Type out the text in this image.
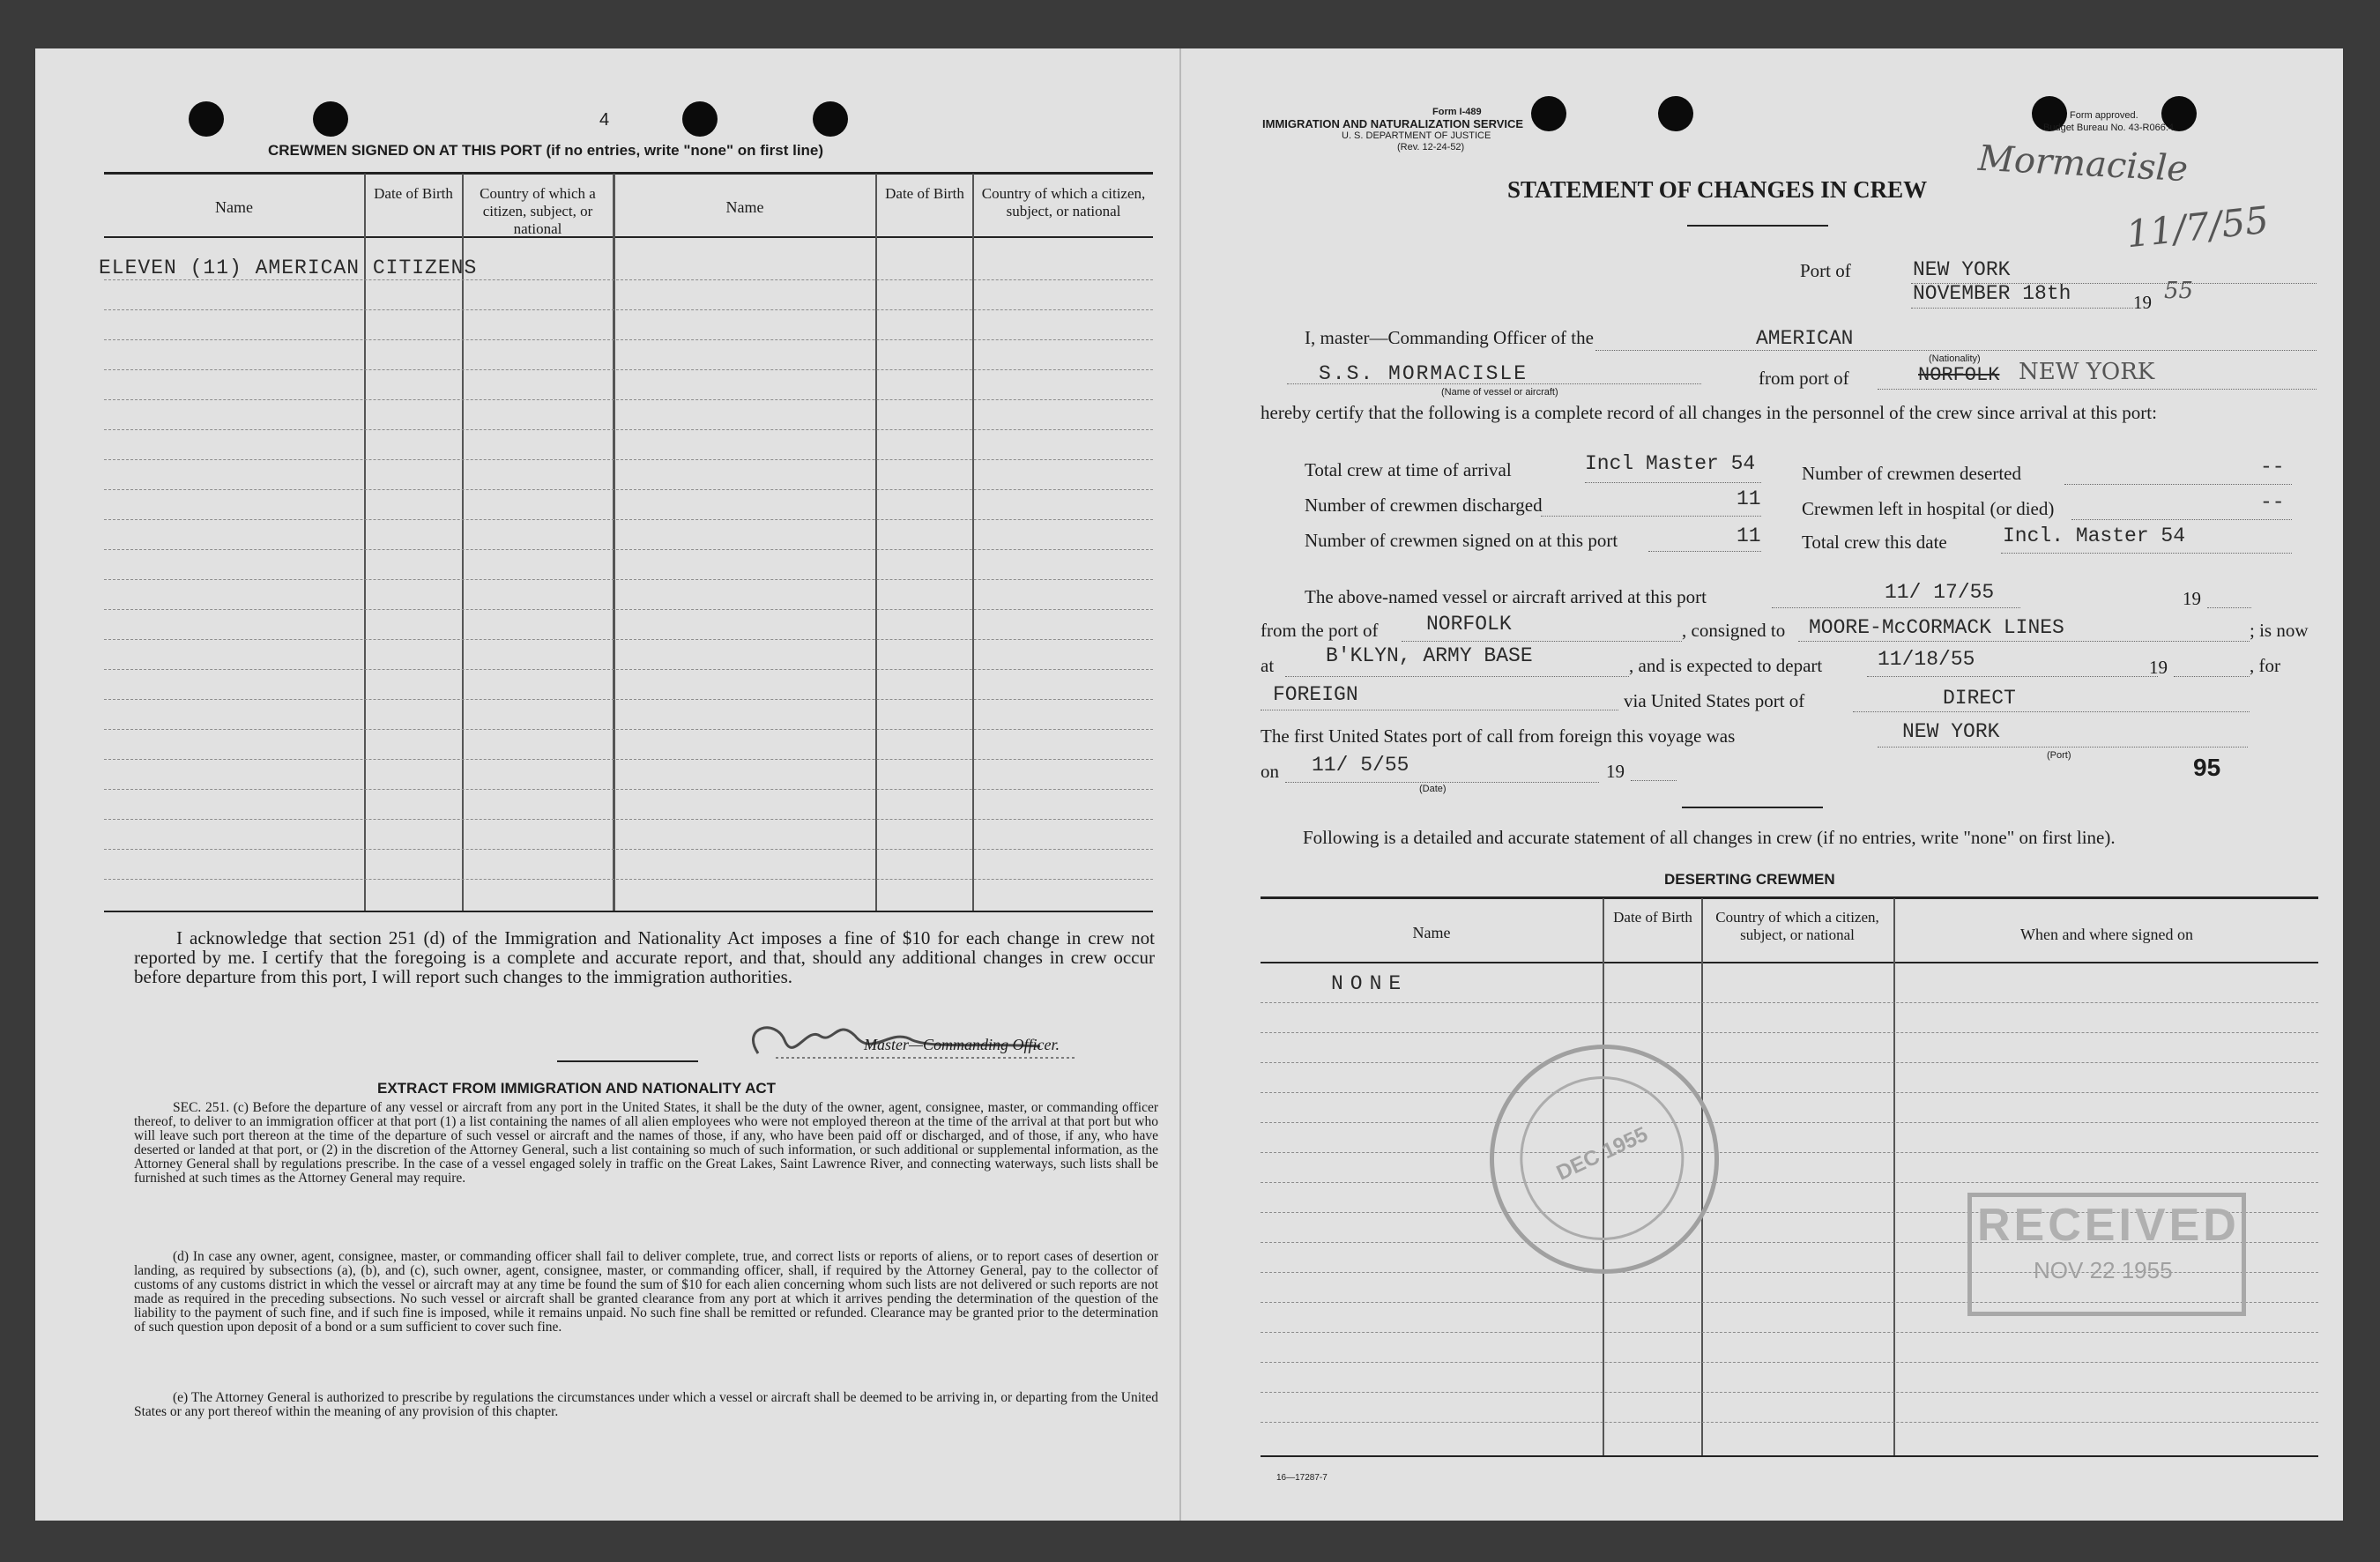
4
CREWMEN SIGNED ON AT THIS PORT (if no entries, write "none" on first line)
Name
Date of Birth	Country of which a citizen, subject, or national
Name
Date of Birth	Country of which a citizen, subject, or national
ELEVEN (11) AMERICAN CITIZENS
I acknowledge that section 251 (d) of the Immigration and Nationality Act imposes a fine of $10 for each change in crew not reported by me. I certify that the foregoing is a complete and accurate report, and that, should any additional changes in crew occur before departure from this port, I will report such changes to the immigration authorities.
Master—Commanding Officer.
EXTRACT FROM IMMIGRATION AND NATIONALITY ACT
SEC. 251. (c) Before the departure of any vessel or aircraft from any port in the United States, it shall be the duty of the owner, agent, consignee, master, or commanding officer thereof, to deliver to an immigration officer at that port (1) a list containing the names of all alien employees who were not employed thereon at the time of the arrival at that port but who will leave such port thereon at the time of the departure of such vessel or aircraft and the names of those, if any, who have been paid off or discharged, and of those, if any, who have deserted or landed at that port, or (2) in the discretion of the Attorney General, such a list containing so much of such information, or such additional or supplemental information, as the Attorney General shall by regulations prescribe. In the case of a vessel engaged solely in traffic on the Great Lakes, Saint Lawrence River, and connecting waterways, such lists shall be furnished at such times as the Attorney General may require.
(d) In case any owner, agent, consignee, master, or commanding officer shall fail to deliver complete, true, and correct lists or reports of aliens, or to report cases of desertion or landing, as required by subsections (a), (b), and (c), such owner, agent, consignee, master, or commanding officer, shall, if required by the Attorney General, pay to the collector of customs of any customs district in which the vessel or aircraft may at any time be found the sum of $10 for each alien concerning whom such lists are not delivered or such reports are not made as required in the preceding subsections. No such vessel or aircraft shall be granted clearance from any port at which it arrives pending the determination of the question of the liability to the payment of such fine, and if such fine is imposed, while it remains unpaid. No such fine shall be remitted or refunded. Clearance may be granted prior to the determination of such question upon deposit of a bond or a sum sufficient to cover such fine.
(e) The Attorney General is authorized to prescribe by regulations the circumstances under which a vessel or aircraft shall be deemed to be arriving in, or departing from the United States or any port thereof within the meaning of any provision of this chapter.
Form I-489
IMMIGRATION AND NATURALIZATION SERVICE
U. S. DEPARTMENT OF JUSTICE
(Rev. 12-24-52)
Form approved.
Budget Bureau No. 43-R066.4.
STATEMENT OF CHANGES IN CREW Mormacisle
11/7/55
Port of	NEW YORK
NOVEMBER 18th	19 55
I, master—Commanding Officer of the	AMERICAN
(Nationality)
S.S. MORMACISLE
(Name of vessel or aircraft)
from port of	NORFOLK NEW YORK
hereby certify that the following is a complete record of all changes in the personnel of the crew since arrival at this port:
Total crew at time of arrival	Incl Master 54
Number of crewmen discharged	11
Number of crewmen signed on at this port	11
Number of crewmen deserted	--
Crewmen left in hospital (or died)	--
Total crew this date	Incl. Master 54
The above-named vessel or aircraft arrived at this port	11/ 17/55	19
from the port of NORFOLK	, consigned to MOORE-McCORMACK LINES	; is now
at	B'KLYN, ARMY BASE	, and is expected to depart	11/18/55	19	, for
FOREIGN	via United States port of	DIRECT
The first United States port of call from foreign this voyage was	NEW YORK
(Port)
on 11/ 5/55
(Date)
19	95
Following is a detailed and accurate statement of all changes in crew (if no entries, write "none" on first line).
DESERTING CREWMEN
Name
Date of Birth	Country of which a citizen, subject, or national	When and where signed on
NONE
DEC 1955
RECEIVED
NOV 22 1955
16—17287-7
